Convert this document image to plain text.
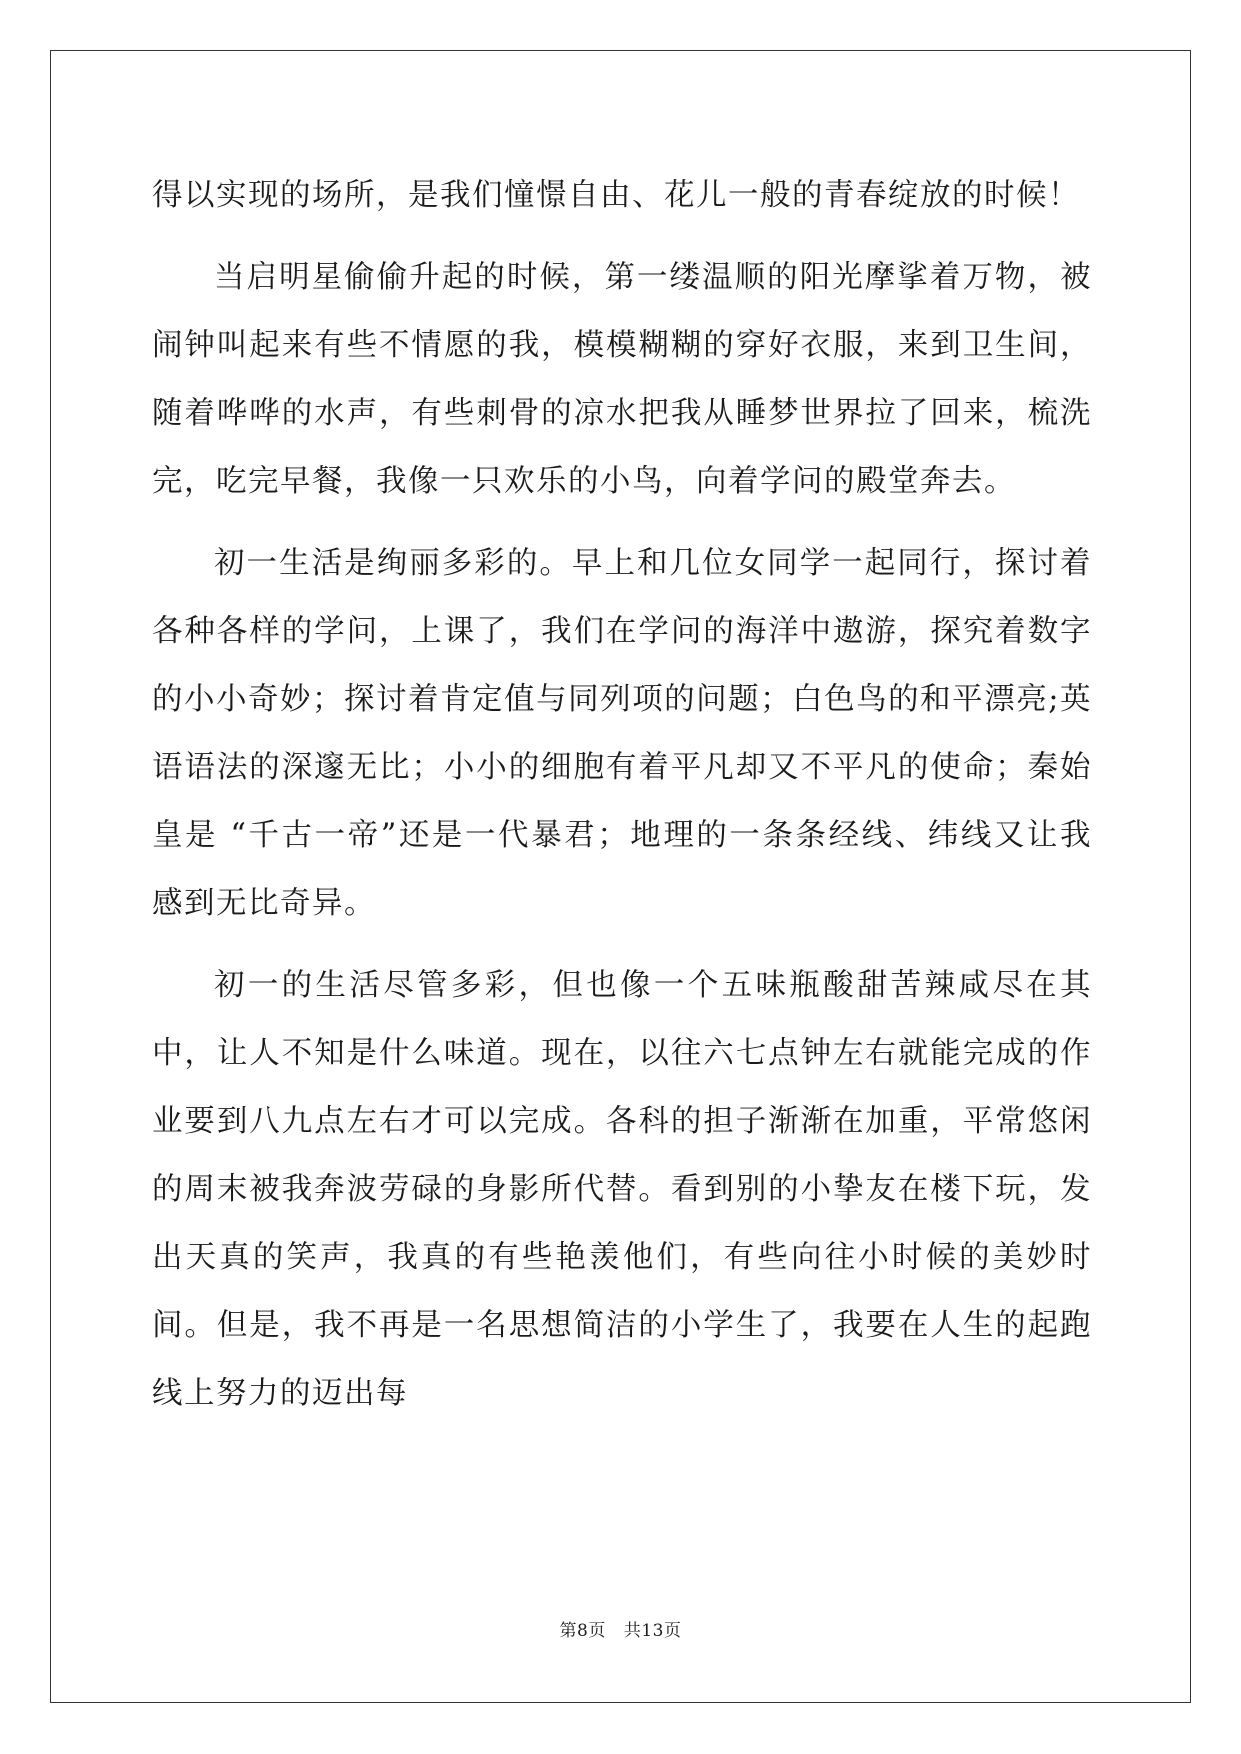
得以实现的场所，是我们憧憬自由、花儿一般的青春绽放的时候！

当启明星偷偷升起的时候，第一缕温顺的阳光摩挲着万物，被闹钟叫起来有些不情愿的我，模模糊糊的穿好衣服，来到卫生间，随着哗哗的水声，有些刺骨的凉水把我从睡梦世界拉了回来，梳洗完，吃完早餐，我像一只欢乐的小鸟，向着学问的殿堂奔去。

初一生活是绚丽多彩的。早上和几位女同学一起同行，探讨着各种各样的学问，上课了，我们在学问的海洋中遨游，探究着数字的小小奇妙；探讨着肯定值与同列项的问题；白色鸟的和平漂亮;英语语法的深邃无比；小小的细胞有着平凡却又不平凡的使命；秦始皇是 “千古一帝”还是一代暴君；地理的一条条经线、纬线又让我感到无比奇异。

初一的生活尽管多彩，但也像一个五味瓶酸甜苦辣咸尽在其中，让人不知是什么味道。现在，以往六七点钟左右就能完成的作业要到八九点左右才可以完成。各科的担子渐渐在加重，平常悠闲的周末被我奔波劳碌的身影所代替。看到别的小挚友在楼下玩，发出天真的笑声，我真的有些艳羡他们，有些向往小时候的美妙时间。但是，我不再是一名思想简洁的小学生了，我要在人生的起跑线上努力的迈出每

第8页 共13页
